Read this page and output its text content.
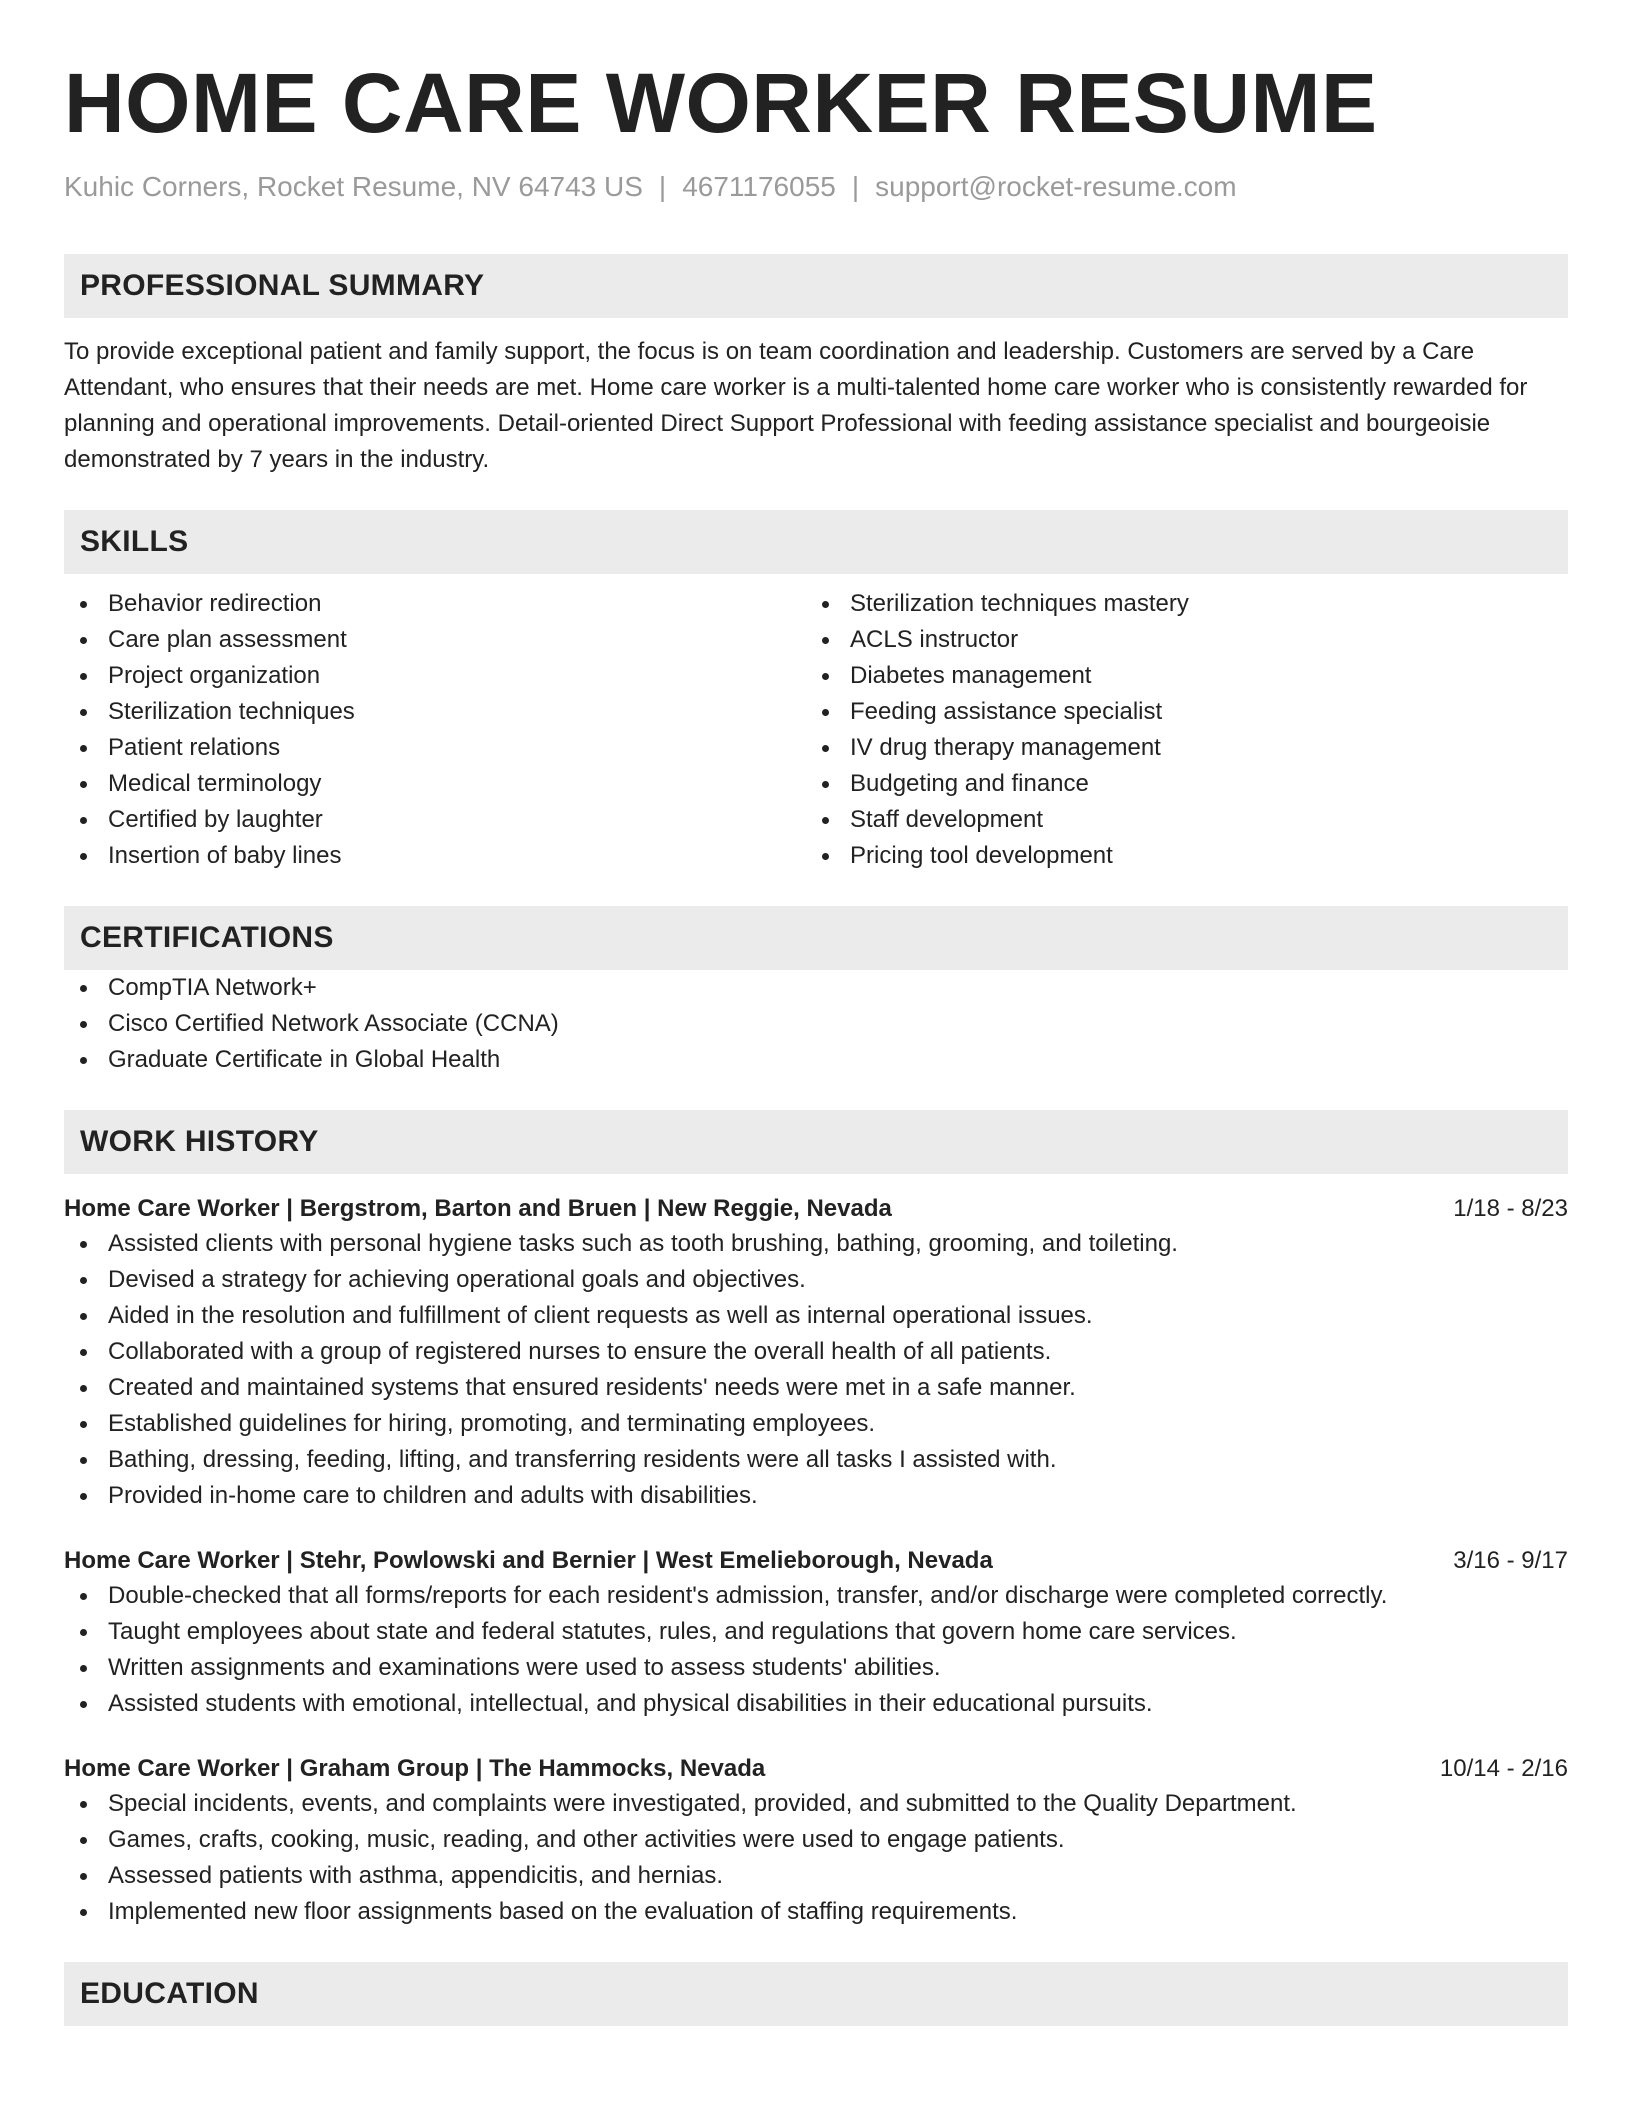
HOME CARE WORKER RESUME
Kuhic Corners, Rocket Resume, NV 64743 US | 4671176055 | support@rocket-resume.com
PROFESSIONAL SUMMARY

To provide exceptional patient and family support, the focus is on team coordination and leadership. Customers are served by a Care Attendant, who ensures that their needs are met. Home care worker is a multi-talented home care worker who is consistently rewarded for planning and operational improvements. Detail-oriented Direct Support Professional with feeding assistance specialist and bourgeoisie demonstrated by 7 years in the industry.

SKILLS
Behavior redirection
Care plan assessment
Project organization
Sterilization techniques
Patient relations
Medical terminology
Certified by laughter
Insertion of baby lines
Sterilization techniques mastery
ACLS instructor
Diabetes management
Feeding assistance specialist
IV drug therapy management
Budgeting and finance
Staff development
Pricing tool development
CERTIFICATIONS
CompTIA Network+
Cisco Certified Network Associate (CCNA)
Graduate Certificate in Global Health
WORK HISTORY
Home Care Worker | Bergstrom, Barton and Bruen | New Reggie, Nevada	1/18 - 8/23
Assisted clients with personal hygiene tasks such as tooth brushing, bathing, grooming, and toileting.
Devised a strategy for achieving operational goals and objectives.
Aided in the resolution and fulfillment of client requests as well as internal operational issues.
Collaborated with a group of registered nurses to ensure the overall health of all patients.
Created and maintained systems that ensured residents' needs were met in a safe manner.
Established guidelines for hiring, promoting, and terminating employees.
Bathing, dressing, feeding, lifting, and transferring residents were all tasks I assisted with.
Provided in-home care to children and adults with disabilities.
Home Care Worker | Stehr, Powlowski and Bernier | West Emelieborough, Nevada	3/16 - 9/17
Double-checked that all forms/reports for each resident's admission, transfer, and/or discharge were completed correctly.
Taught employees about state and federal statutes, rules, and regulations that govern home care services.
Written assignments and examinations were used to assess students' abilities.
Assisted students with emotional, intellectual, and physical disabilities in their educational pursuits.
Home Care Worker | Graham Group | The Hammocks, Nevada	10/14 - 2/16
Special incidents, events, and complaints were investigated, provided, and submitted to the Quality Department.
Games, crafts, cooking, music, reading, and other activities were used to engage patients.
Assessed patients with asthma, appendicitis, and hernias.
Implemented new floor assignments based on the evaluation of staffing requirements.
EDUCATION
